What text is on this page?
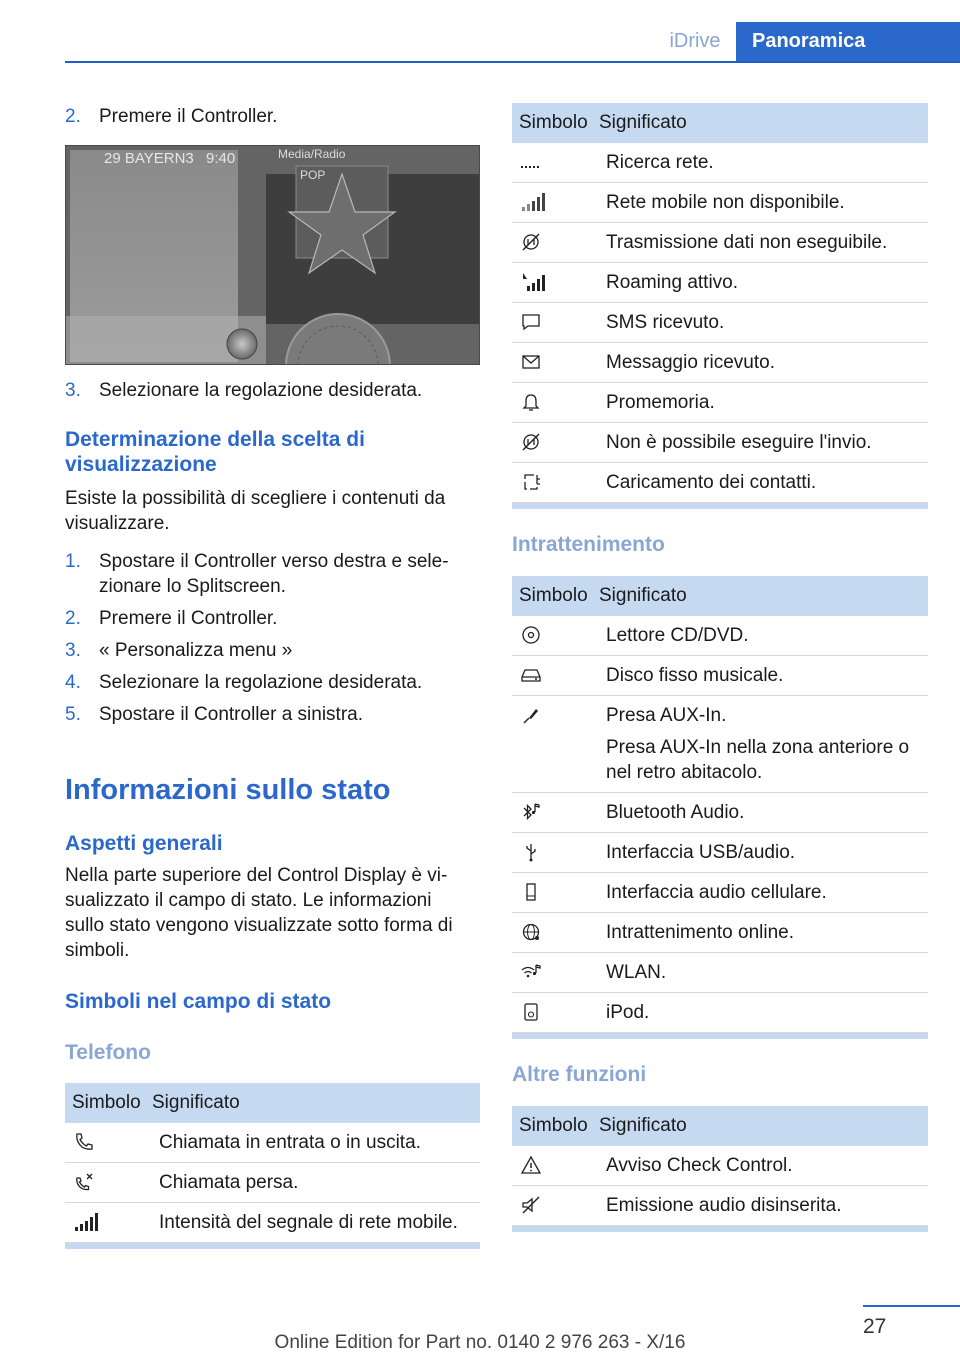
iDrive	Panoramica
2. Premere il Controller.
29 BAYERN3 9:40	Media/Radio
POP
3. Selezionare la regolazione desiderata.
Determinazione della scelta di visualizzazione
Esiste la possibilità di scegliere i contenuti da visualizzare.
1. Spostare il Controller verso destra e selezionare lo Splitscreen.
2. Premere il Controller.
3. « Personalizza menu »
4. Selezionare la regolazione desiderata.
5. Spostare il Controller a sinistra.
Informazioni sullo stato
Aspetti generali
Nella parte superiore del Control Display è visualizzato il campo di stato. Le informazioni sullo stato vengono visualizzate sotto forma di simboli.
Simboli nel campo di stato
Telefono
Simbolo Significato
Chiamata in entrata o in uscita.
Chiamata persa.
Intensità del segnale di rete mobile.
Simbolo Significato
Ricerca rete.
Rete mobile non disponibile.
Trasmissione dati non eseguibile.
Roaming attivo.
SMS ricevuto.
Messaggio ricevuto.
Promemoria.
Non è possibile eseguire l'invio.
Caricamento dei contatti.
Intrattenimento
Simbolo Significato
Lettore CD/DVD.
Disco fisso musicale.
Presa AUX-In.
Presa AUX-In nella zona anteriore o nel retro abitacolo.
Bluetooth Audio.
Interfaccia USB/audio.
Interfaccia audio cellulare.
Intrattenimento online.
WLAN.
iPod.
Altre funzioni
Simbolo Significato
Avviso Check Control.
Emissione audio disinserita.
27
Online Edition for Part no. 0140 2 976 263 - X/16
